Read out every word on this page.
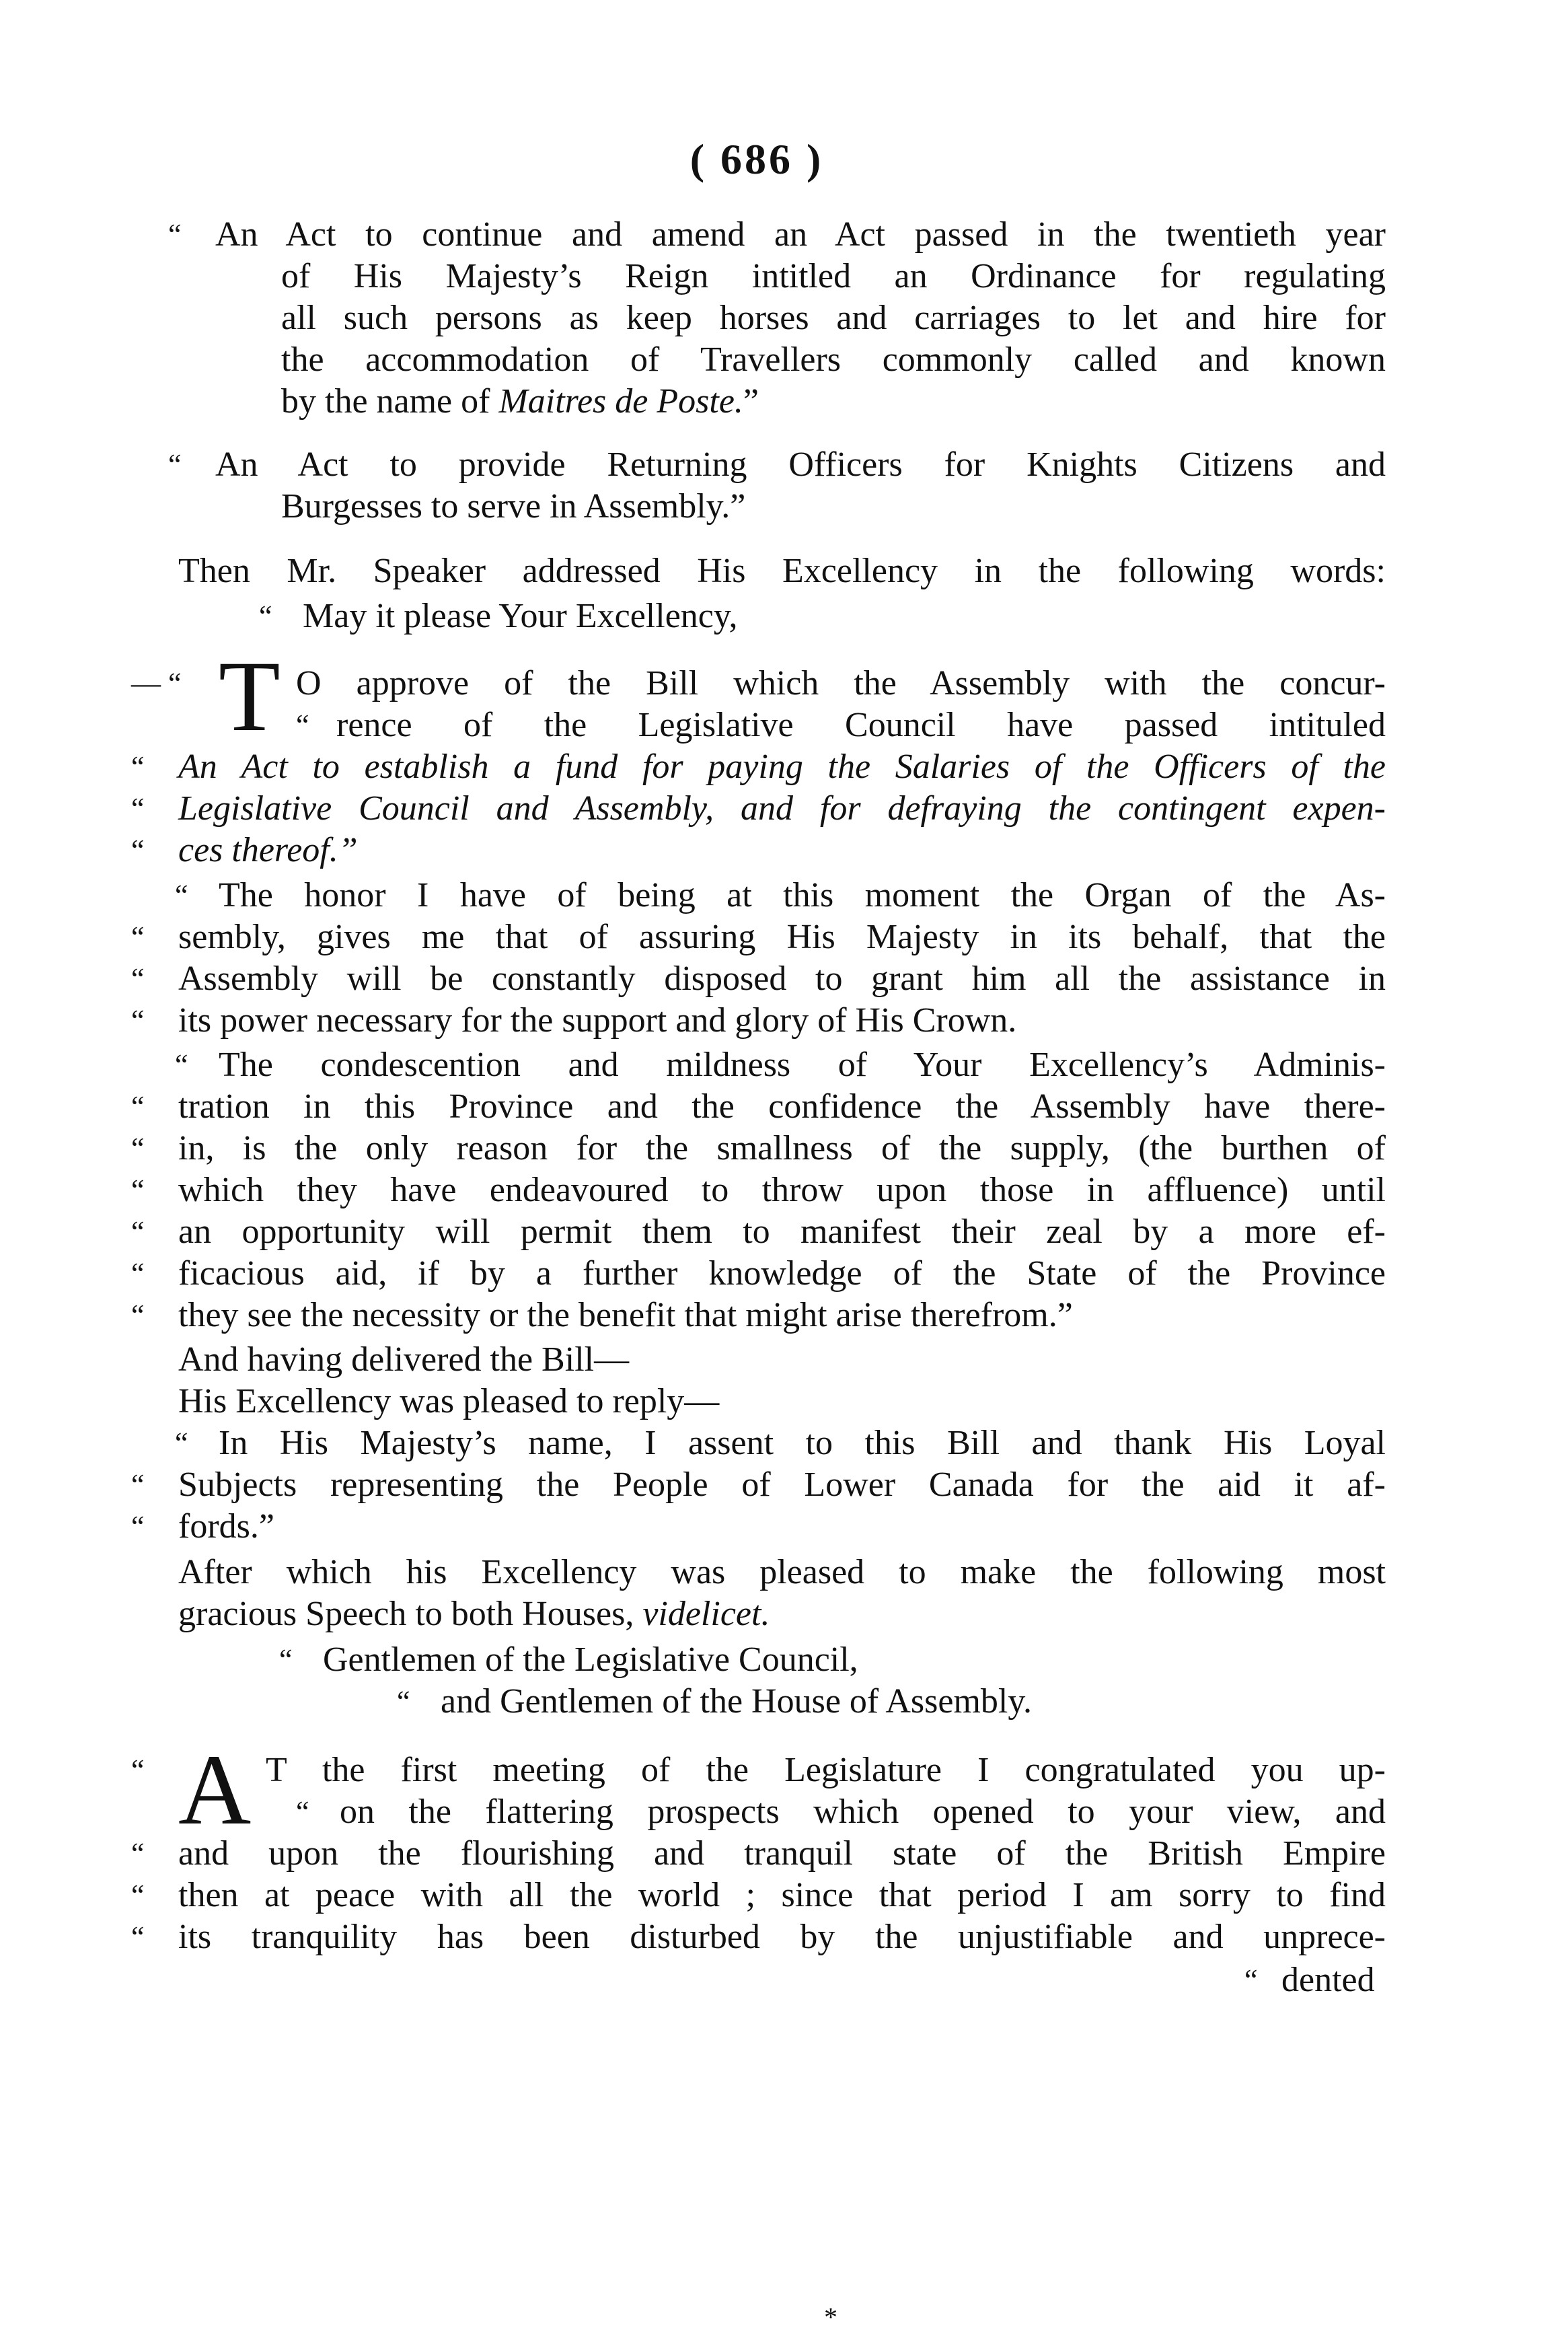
( 686 )
“ An Act to continue and amend an Act passed in the twentieth year
of His Majesty’s Reign intitled an Ordinance for regulating
all such persons as keep horses and carriages to let and hire for
the accommodation of Travellers commonly called and known
by the name of Maitres de Poste.”
“ An Act to provide Returning Officers for Knights Citizens and
Burgesses to serve in Assembly.”
Then Mr. Speaker addressed His Excellency in the following words:
“ May it please Your Excellency,
— “ T O approve of the Bill which the Assembly with the concur-
“ rence of the Legislative Council have passed intituled
“ An Act to establish a fund for paying the Salaries of the Officers of the
“ Legislative Council and Assembly, and for defraying the contingent expen-
“ ces thereof.”
“ The honor I have of being at this moment the Organ of the As-
“ sembly, gives me that of assuring His Majesty in its behalf, that the
“ Assembly will be constantly disposed to grant him all the assistance in
“ its power necessary for the support and glory of His Crown.
“ The condescention and mildness of Your Excellency’s Adminis-
“ tration in this Province and the confidence the Assembly have there-
“ in, is the only reason for the smallness of the supply, (the burthen of
“ which they have endeavoured to throw upon those in affluence) until
“ an opportunity will permit them to manifest their zeal by a more ef-
“ ficacious aid, if by a further knowledge of the State of the Province
“ they see the necessity or the benefit that might arise therefrom.”
And having delivered the Bill—
His Excellency was pleased to reply—
“ In His Majesty’s name, I assent to this Bill and thank His Loyal
“ Subjects representing the People of Lower Canada for the aid it af-
“ fords.”
After which his Excellency was pleased to make the following most
gracious Speech to both Houses, videlicet.
“ Gentlemen of the Legislative Council,
“ and Gentlemen of the House of Assembly.
“ A T the first meeting of the Legislature I congratulated you up-
“ on the flattering prospects which opened to your view, and
“ and upon the flourishing and tranquil state of the British Empire
“ then at peace with all the world ; since that period I am sorry to find
“ its tranquility has been disturbed by the unjustifiable and unprece-
“ dented
*
